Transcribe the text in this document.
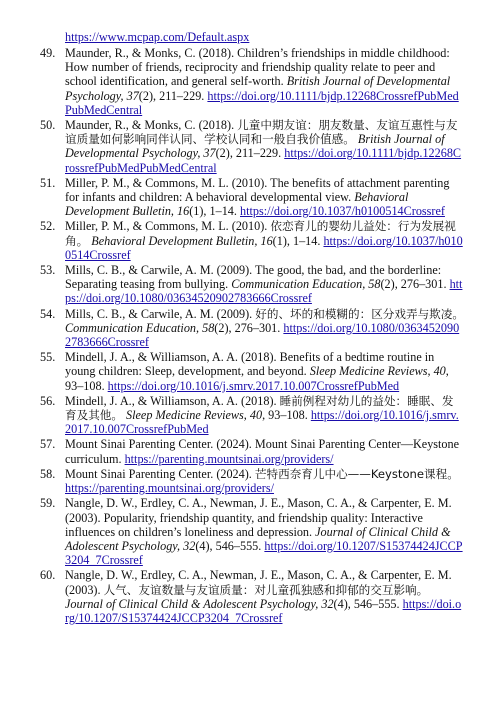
https://www.mcpap.com/Default.aspx
49. Maunder, R., & Monks, C. (2018). Children’s friendships in middle childhood: How number of friends, reciprocity and friendship quality relate to peer and school identification, and general self-worth. British Journal of Developmental Psychology, 37(2), 211–229. https://doi.org/10.1111/bjdp.12268CrossrefPubMedPubMedCentral
50. Maunder, R., & Monks, C. (2018). 儿童中期友谊：朋友数量、友谊互惠性与友谊质量如何影响同伴认同、学校认同和一般自我价值感。 British Journal of Developmental Psychology, 37(2), 211–229. https://doi.org/10.1111/bjdp.12268CrossrefPubMedPubMedCentral
51. Miller, P. M., & Commons, M. L. (2010). The benefits of attachment parenting for infants and children: A behavioral developmental view. Behavioral Development Bulletin, 16(1), 1–14. https://doi.org/10.1037/h0100514Crossref
52. Miller, P. M., & Commons, M. L. (2010). 依恋育儿的婴幼儿益处：行为发展视角。 Behavioral Development Bulletin, 16(1), 1–14. https://doi.org/10.1037/h0100514Crossref
53. Mills, C. B., & Carwile, A. M. (2009). The good, the bad, and the borderline: Separating teasing from bullying. Communication Education, 58(2), 276–301. https://doi.org/10.1080/03634520902783666Crossref
54. Mills, C. B., & Carwile, A. M. (2009). 好的、坏的和模糊的：区分戏弄与欺凌。 Communication Education, 58(2), 276–301. https://doi.org/10.1080/03634520902783666Crossref
55. Mindell, J. A., & Williamson, A. A. (2018). Benefits of a bedtime routine in young children: Sleep, development, and beyond. Sleep Medicine Reviews, 40, 93–108. https://doi.org/10.1016/j.smrv.2017.10.007CrossrefPubMed
56. Mindell, J. A., & Williamson, A. A. (2018). 睡前例程对幼儿的益处：睡眠、发育及其他。 Sleep Medicine Reviews, 40, 93–108. https://doi.org/10.1016/j.smrv.2017.10.007CrossrefPubMed
57. Mount Sinai Parenting Center. (2024). Mount Sinai Parenting Center—Keystone curriculum. https://parenting.mountsinai.org/providers/
58. Mount Sinai Parenting Center. (2024). 芒特西奈育儿中心——Keystone课程。 https://parenting.mountsinai.org/providers/
59. Nangle, D. W., Erdley, C. A., Newman, J. E., Mason, C. A., & Carpenter, E. M. (2003). Popularity, friendship quantity, and friendship quality: Interactive influences on children’s loneliness and depression. Journal of Clinical Child & Adolescent Psychology, 32(4), 546–555. https://doi.org/10.1207/S15374424JCCP3204_7Crossref
60. Nangle, D. W., Erdley, C. A., Newman, J. E., Mason, C. A., & Carpenter, E. M. (2003). 人气、友谊数量与友谊质量：对儿童孤独感和抑郁的交互影响。 Journal of Clinical Child & Adolescent Psychology, 32(4), 546–555. https://doi.org/10.1207/S15374424JCCP3204_7Crossref
